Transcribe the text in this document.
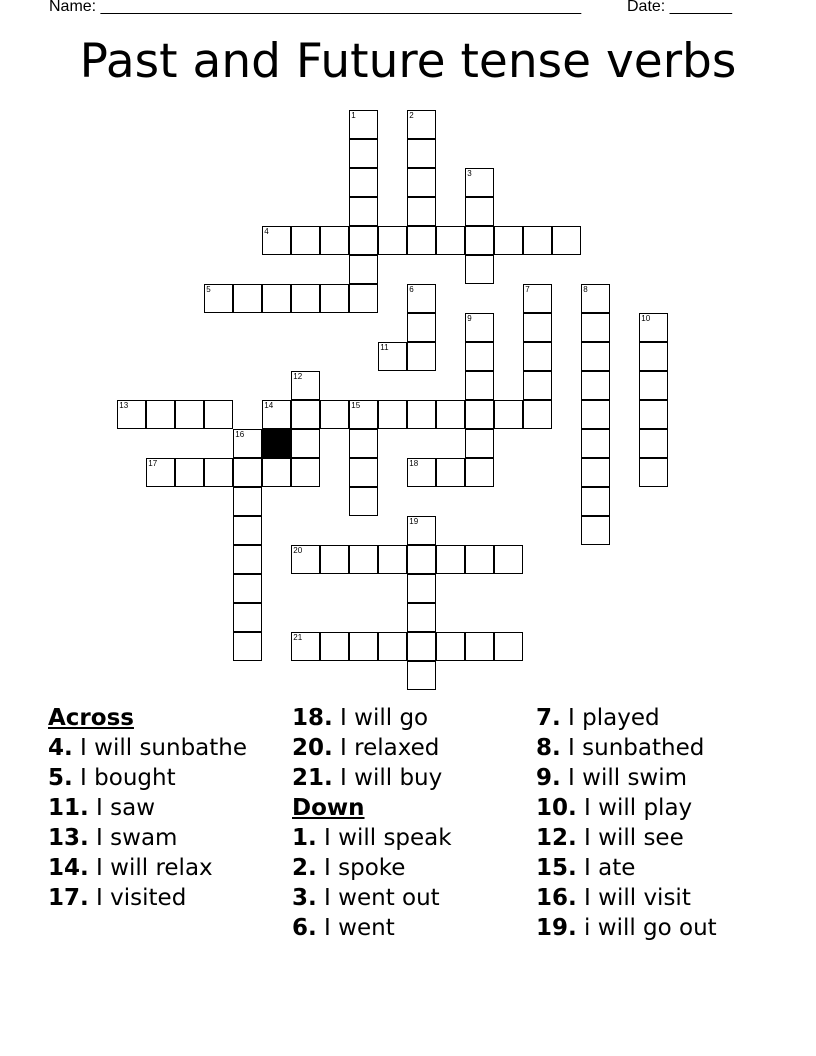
Name: ______________________________________________________	Date: _______
Past and Future tense verbs
1	2
3
4
5	6	7	8
9	10
11
12
13	14	15
16
17	18
19
20
21
Across
4. I will sunbathe
5. I bought
11. I saw
13. I swam
14. I will relax
17. I visited
18. I will go
20. I relaxed
21. I will buy
Down
1. I will speak
2. I spoke
3. I went out
6. I went
7. I played
8. I sunbathed
9. I will swim
10. I will play
12. I will see
15. I ate
16. I will visit
19. i will go out
